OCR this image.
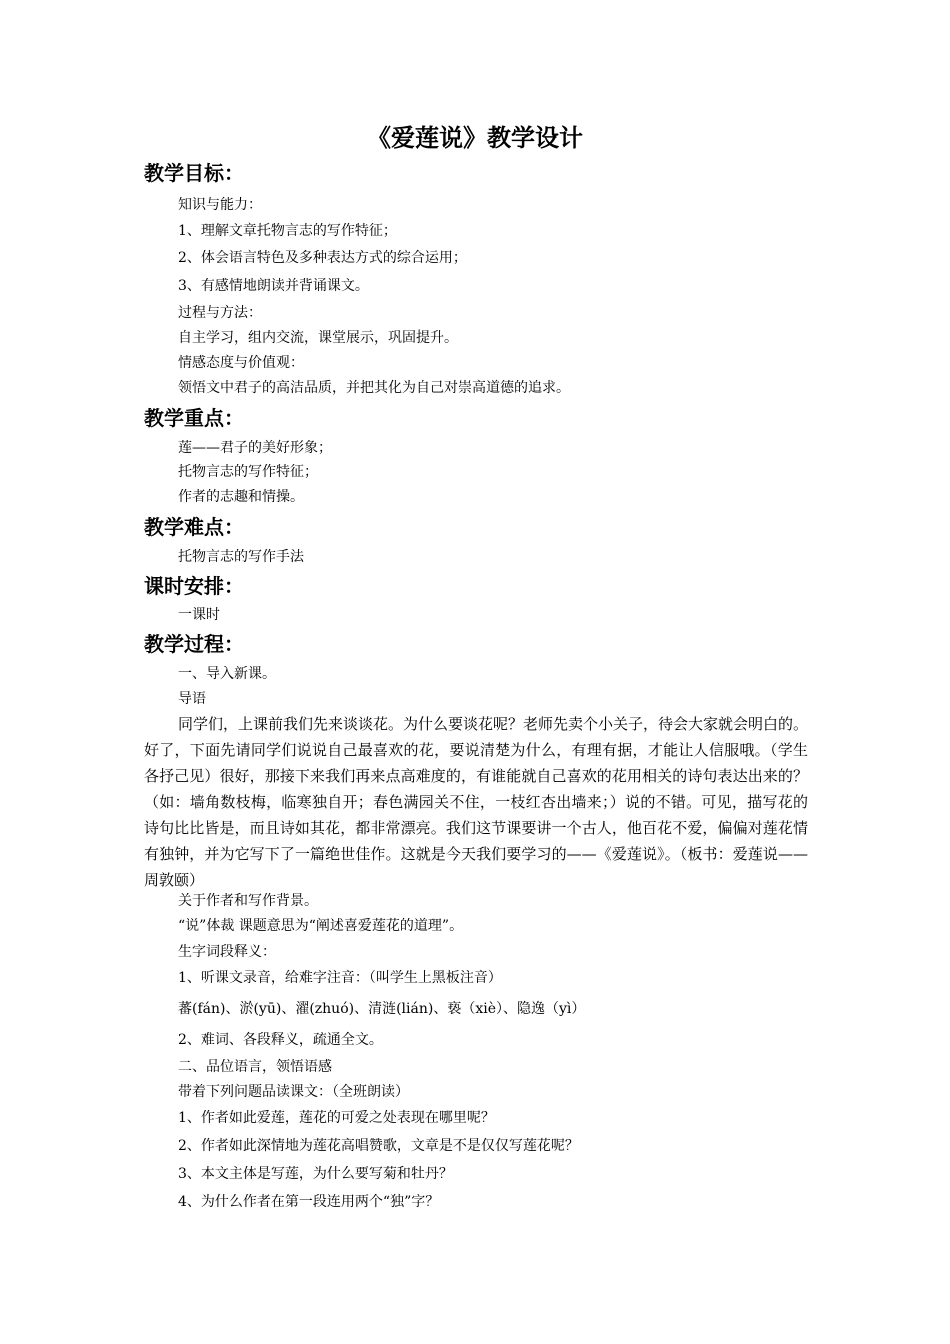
《爱莲说》教学设计
教学目标：
知识与能力：
1、理解文章托物言志的写作特征；
2、体会语言特色及多种表达方式的综合运用；
3、有感情地朗读并背诵课文。
过程与方法：
自主学习，组内交流，课堂展示，巩固提升。
情感态度与价值观：
领悟文中君子的高洁品质，并把其化为自己对崇高道德的追求。
教学重点：
莲——君子的美好形象；
托物言志的写作特征；
作者的志趣和情操。
教学难点：
托物言志的写作手法
课时安排：
一课时
教学过程：
一、导入新课。
导语
同学们，上课前我们先来谈谈花。为什么要谈花呢？老师先卖个小关子，待会大家就会明白的。好了，下面先请同学们说说自己最喜欢的花，要说清楚为什么，有理有据，才能让人信服哦。（学生各抒己见）很好，那接下来我们再来点高难度的，有谁能就自己喜欢的花用相关的诗句表达出来的？（如：墙角数枝梅，临寒独自开；春色满园关不住，一枝红杏出墙来；）说的不错。可见，描写花的诗句比比皆是，而且诗如其花，都非常漂亮。我们这节课要讲一个古人，他百花不爱，偏偏对莲花情有独钟，并为它写下了一篇绝世佳作。这就是今天我们要学习的——《爱莲说》。（板书：爱莲说——周敦颐）
关于作者和写作背景。
“说”体裁 课题意思为“阐述喜爱莲花的道理”。
生字词段释义：
1、听课文录音，给难字注音：（叫学生上黑板注音）
蕃(fán)、淤(yū)、濯(zhuó)、清涟(lián)、亵（xiè）、隐逸（yì）
2、难词、各段释义，疏通全文。
二、品位语言，领悟语感
带着下列问题品读课文：（全班朗读）
1、作者如此爱莲，莲花的可爱之处表现在哪里呢？
2、作者如此深情地为莲花高唱赞歌，文章是不是仅仅写莲花呢？
3、本文主体是写莲，为什么要写菊和牡丹？
4、为什么作者在第一段连用两个“独”字？
